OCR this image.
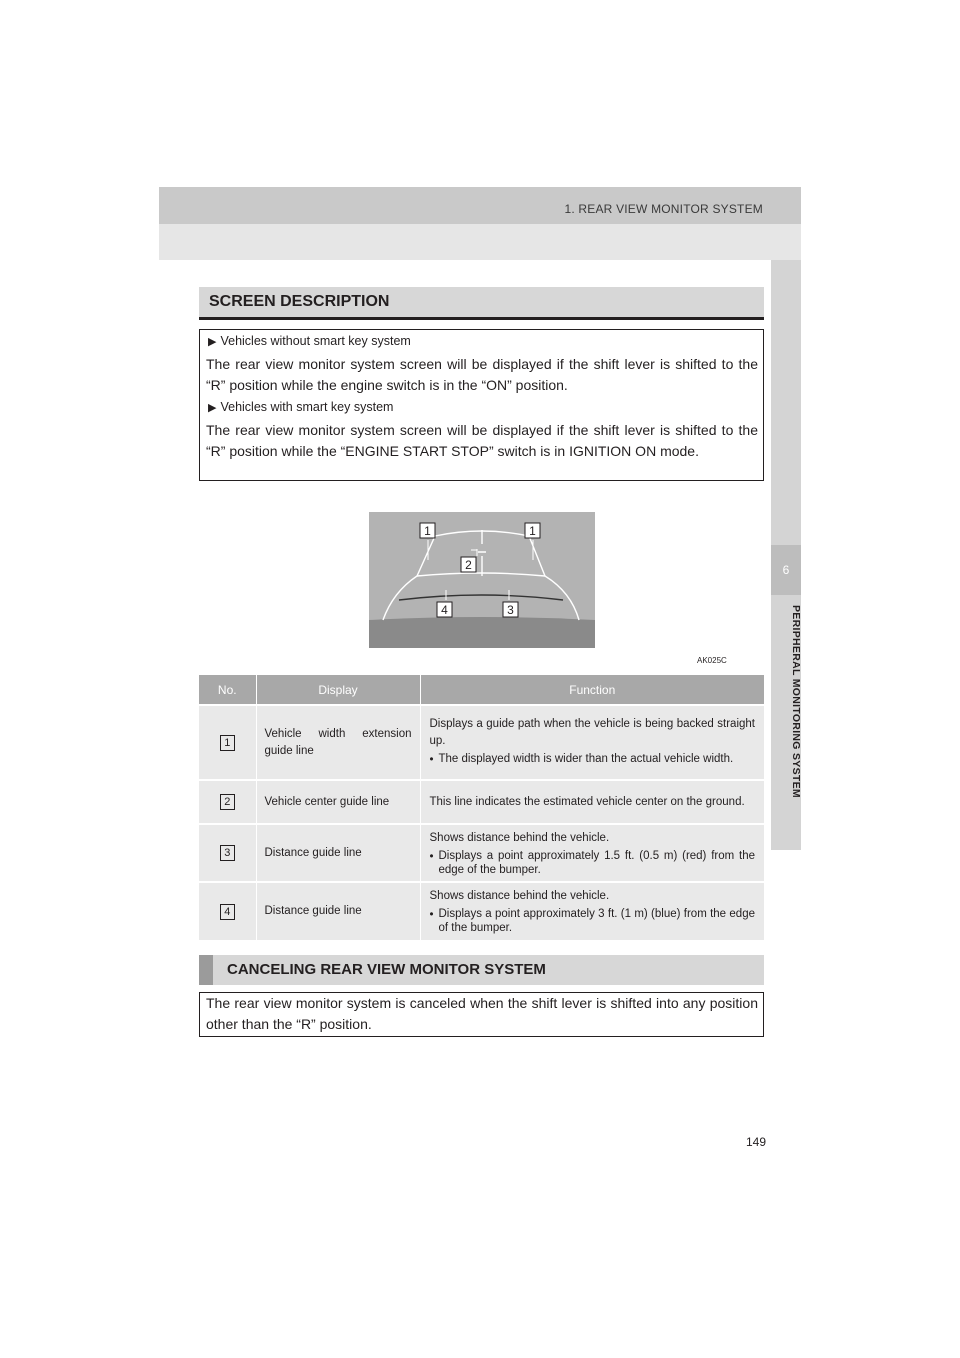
1. REAR VIEW MONITOR SYSTEM
6
PERIPHERAL MONITORING SYSTEM
SCREEN DESCRIPTION
▶ Vehicles without smart key system
The rear view monitor system screen will be displayed if the shift lever is shifted to the “R” position while the engine switch is in the “ON” position.
▶ Vehicles with smart key system
The rear view monitor system screen will be displayed if the shift lever is shifted to the “R” position while the “ENGINE START STOP” switch is in IGNITION ON mode.
1	1
2
4	3
AK025C
No.	Display	Function
1	Vehicle width extension guide line	Displays a guide path when the vehicle is being backed straight up.
• The displayed width is wider than the actual vehicle width.

2	Vehicle center guide line	This line indicates the estimated vehicle center on the ground.

3	Distance guide line	Shows distance behind the vehicle.
• Displays a point approximately 1.5 ft. (0.5 m) (red) from the edge of the bumper.

4	Distance guide line	Shows distance behind the vehicle.
• Displays a point approximately 3 ft. (1 m) (blue) from the edge of the bumper.
CANCELING REAR VIEW MONITOR SYSTEM
The rear view monitor system is canceled when the shift lever is shifted into any position other than the “R” position.
149
